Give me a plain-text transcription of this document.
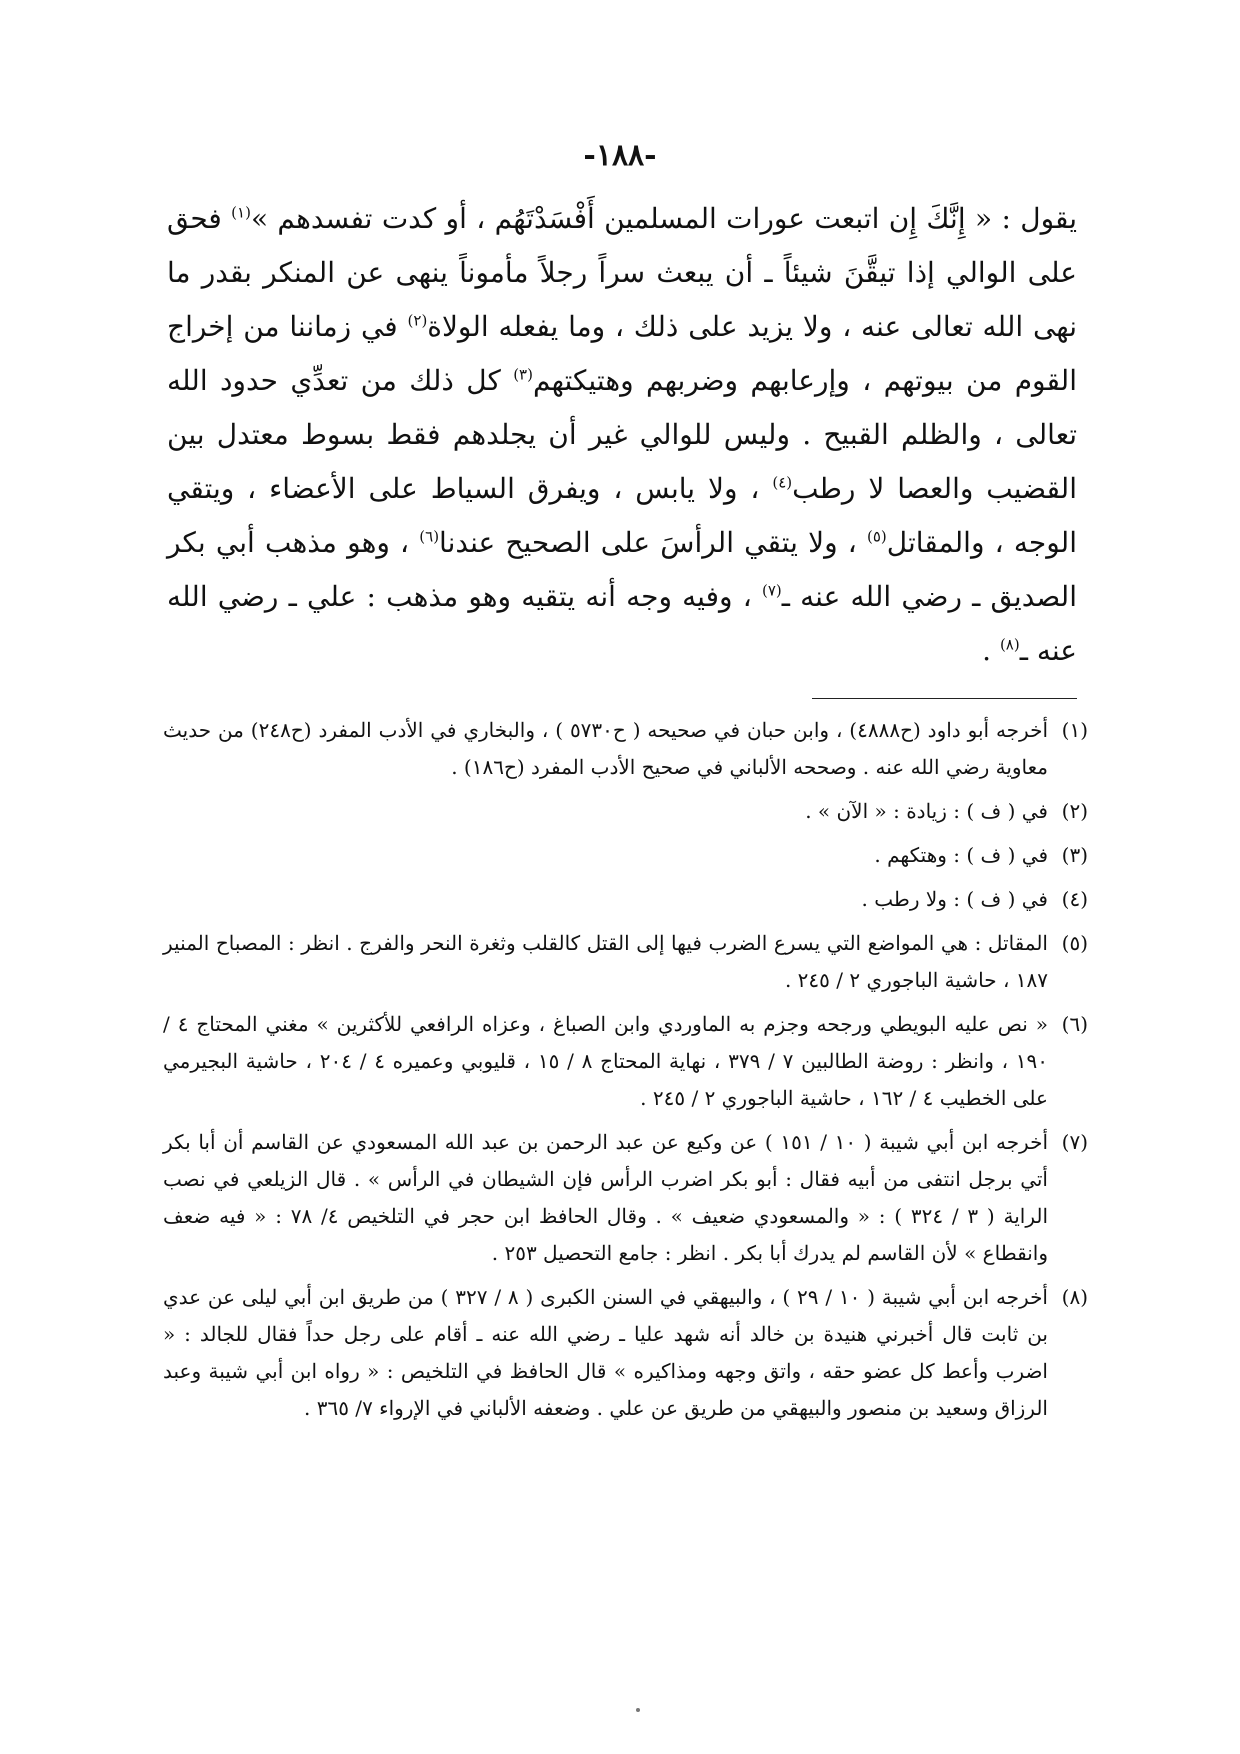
-١٨٨-

يقول : « إِنَّكَ إِن اتبعت عورات المسلمين أَفْسَدْتَهُم ، أو كدت تفسدهم »$^{(١)}$ فحق على الوالي إذا تيقَّنَ شيئاً ـ أن يبعث سراً رجلاً مأموناً ينهى عن المنكر بقدر ما نهى الله تعالى عنه ، ولا يزيد على ذلك ، وما يفعله الولاة$^{(٢)}$ في زماننا من إخراج القوم من بيوتهم ، وإرعابهم وضربهم وهتيكتهم$^{(٣)}$ كل ذلك من تعدِّي حدود الله تعالى ، والظلم القبيح . وليس للوالي غير أن يجلدهم فقط بسوط معتدل بين القضيب والعصا لا رطب$^{(٤)}$ ، ولا يابس ، ويفرق السياط على الأعضاء ، ويتقي الوجه ، والمقاتل$^{(٥)}$ ، ولا يتقي الرأسَ على الصحيح عندنا$^{(٦)}$ ، وهو مذهب أبي بكر الصديق ـ رضي الله عنه ـ$^{(٧)}$ ، وفيه وجه أنه يتقيه وهو مذهب : علي ـ رضي الله عنه ـ$^{(٨)}$ .

(١)أخرجه أبو داود (ح٤٨٨٨) ، وابن حبان في صحيحه ( ح٥٧٣٠ ) ، والبخاري في الأدب المفرد (ح٢٤٨) من حديث معاوية رضي الله عنه . وصححه الألباني في صحيح الأدب المفرد (ح١٨٦) .
(٢)في ( ف ) : زيادة : « الآن » .
(٣)في ( ف ) : وهتكهم .
(٤)في ( ف ) : ولا رطب .
(٥)المقاتل : هي المواضع التي يسرع الضرب فيها إلى القتل كالقلب وثغرة النحر والفرج . انظر : المصباح المنير ١٨٧ ، حاشية الباجوري ٢ / ٢٤٥ .
(٦)« نص عليه البويطي ورجحه وجزم به الماوردي وابن الصباغ ، وعزاه الرافعي للأكثرين » مغني المحتاج ٤ / ١٩٠ ، وانظر : روضة الطالبين ٧ / ٣٧٩ ، نهاية المحتاج ٨ / ١٥ ، قليوبي وعميره ٤ / ٢٠٤ ، حاشية البجيرمي على الخطيب ٤ / ١٦٢ ، حاشية الباجوري ٢ / ٢٤٥ .
(٧)أخرجه ابن أبي شيبة ( ١٠ / ١٥١ ) عن وكيع عن عبد الرحمن بن عبد الله المسعودي عن القاسم أن أبا بكر أتي برجل انتفى من أبيه فقال : أبو بكر اضرب الرأس فإن الشيطان في الرأس » . قال الزيلعي في نصب الراية ( ٣ / ٣٢٤ ) : « والمسعودي ضعيف » . وقال الحافظ ابن حجر في التلخيص ٤/ ٧٨ : « فيه ضعف وانقطاع » لأن القاسم لم يدرك أبا بكر . انظر : جامع التحصيل ٢٥٣ .
(٨)أخرجه ابن أبي شيبة ( ١٠ / ٢٩ ) ، والبيهقي في السنن الكبرى ( ٨ / ٣٢٧ ) من طريق ابن أبي ليلى عن عدي بن ثابت قال أخبرني هنيدة بن خالد أنه شهد عليا ـ رضي الله عنه ـ أقام على رجل حداً فقال للجالد : « اضرب وأعط كل عضو حقه ، واتق وجهه ومذاكيره » قال الحافظ في التلخيص : « رواه ابن أبي شيبة وعبد الرزاق وسعيد بن منصور والبيهقي من طريق عن علي . وضعفه الألباني في الإرواء ٧/ ٣٦٥ .
